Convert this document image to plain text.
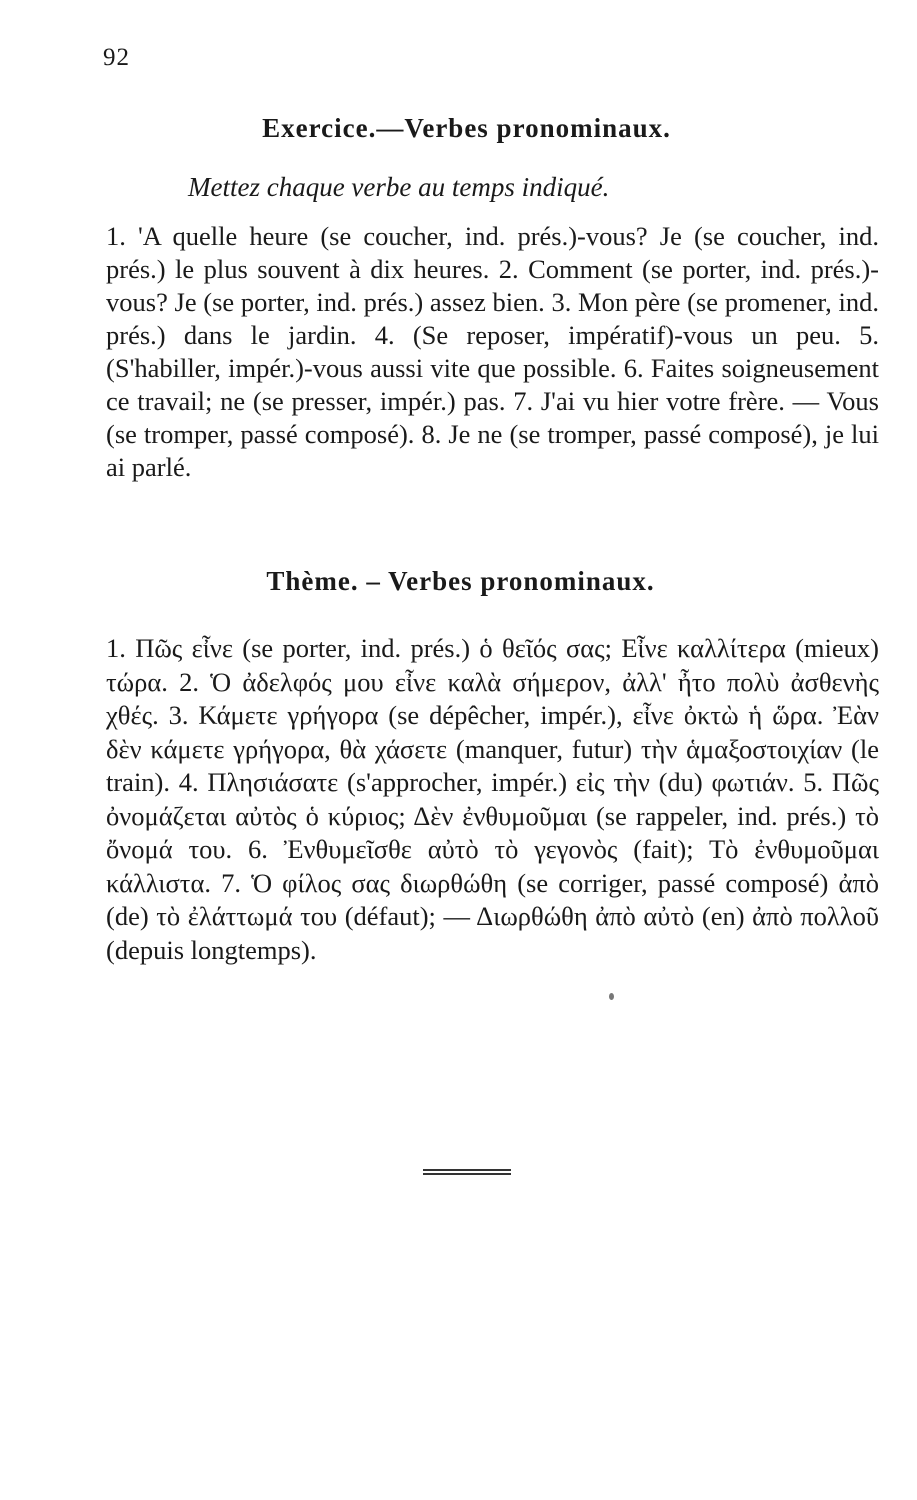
92
Exercice.—Verbes pronominaux.
Mettez chaque verbe au temps indiqué.

1. 'A quelle heure (se coucher, ind. prés.)-vous? Je (se coucher, ind. prés.) le plus souvent à dix heures. 2. Comment (se porter, ind. prés.)-vous? Je (se porter, ind. prés.) assez bien. 3. Mon père (se promener, ind. prés.) dans le jardin. 4. (Se reposer, impératif)-vous un peu. 5. (S'habiller, impér.)-vous aussi vite que possible. 6. Faites soigneusement ce travail; ne (se presser, impér.) pas. 7. J'ai vu hier votre frère. — Vous (se tromper, passé composé). 8. Je ne (se tromper, passé composé), je lui ai parlé.

Thème. – Verbes pronominaux.

1. Πῶς εἶνε (se porter, ind. prés.) ὁ θεῖός σας; Εἶνε καλλίτερα (mieux) τώρα. 2. Ὁ ἀδελφός μου εἶνε καλὰ σήμερον, ἀλλ' ἦτο πολὺ ἀσθενὴς χθές. 3. Κάμετε γρήγορα (se dépêcher, impér.), εἶνε ὀκτὼ ἡ ὥρα. Ἐὰν δὲν κάμετε γρήγορα, θὰ χάσετε (manquer, futur) τὴν ἁμαξοστοιχίαν (le train). 4. Πλησιάσατε (s'approcher, impér.) εἰς τὴν (du) φωτιάν. 5. Πῶς ὀνομάζεται αὐτὸς ὁ κύριος; Δὲν ἐνθυμοῦμαι (se rappeler, ind. prés.) τὸ ὄνομά του. 6. Ἐνθυμεῖσθε αὐτὸ τὸ γεγονὸς (fait); Τὸ ἐνθυμοῦμαι κάλλιστα. 7. Ὁ φίλος σας διωρθώθη (se corriger, passé composé) ἀπὸ (de) τὸ ἐλάττωμά του (défaut); — Διωρθώθη ἀπὸ αὐτὸ (en) ἀπὸ πολλοῦ (depuis longtemps).
